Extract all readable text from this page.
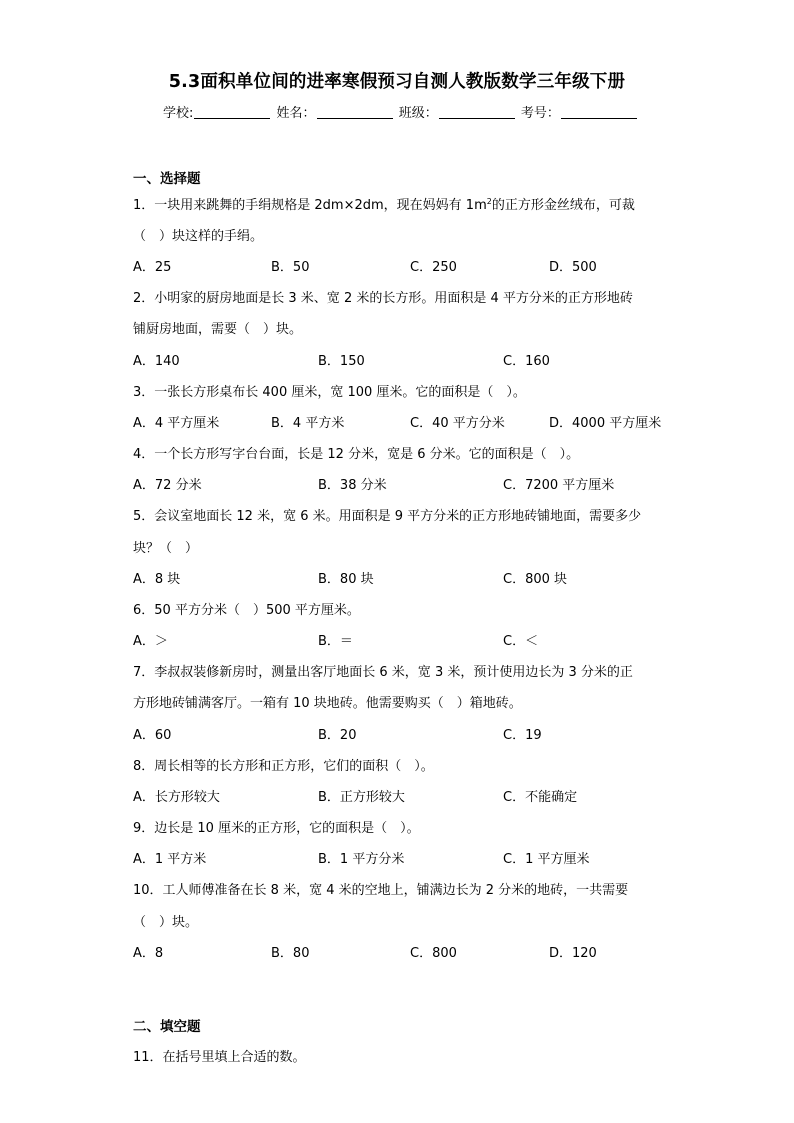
5.3面积单位间的进率寒假预习自测人教版数学三年级下册
学校:	姓名：	班级：	考号：
一、选择题
1．一块用来跳舞的手绢规格是 2dm×2dm，现在妈妈有 $1m^2$的正方形金丝绒布，可裁
（　）块这样的手绢。
A．25	B．50	C．250	D．500
2．小明家的厨房地面是长 3 米、宽 2 米的长方形。用面积是 4 平方分米的正方形地砖
铺厨房地面，需要（　）块。
A．140	B．150	C．160
3．一张长方形桌布长 400 厘米，宽 100 厘米。它的面积是（　）。
A．4 平方厘米	B．4 平方米	C．40 平方分米	D．4000 平方厘米
4．一个长方形写字台台面，长是 12 分米，宽是 6 分米。它的面积是（　）。
A．72 分米	B．38 分米	C．7200 平方厘米
5．会议室地面长 12 米，宽 6 米。用面积是 9 平方分米的正方形地砖铺地面，需要多少
块？（　）
A．8 块	B．80 块	C．800 块
6．50 平方分米（　）500 平方厘米。
A．＞	B．＝	C．＜
7．李叔叔装修新房时，测量出客厅地面长 6 米，宽 3 米，预计使用边长为 3 分米的正
方形地砖铺满客厅。一箱有 10 块地砖。他需要购买（　）箱地砖。
A．60	B．20	C．19
8．周长相等的长方形和正方形，它们的面积（　）。
A．长方形较大	B．正方形较大	C．不能确定
9．边长是 10 厘米的正方形，它的面积是（　）。
A．1 平方米	B．1 平方分米	C．1 平方厘米
10．工人师傅准备在长 8 米，宽 4 米的空地上，铺满边长为 2 分米的地砖，一共需要
（　）块。
A．8	B．80	C．800	D．120
二、填空题
11．在括号里填上合适的数。
